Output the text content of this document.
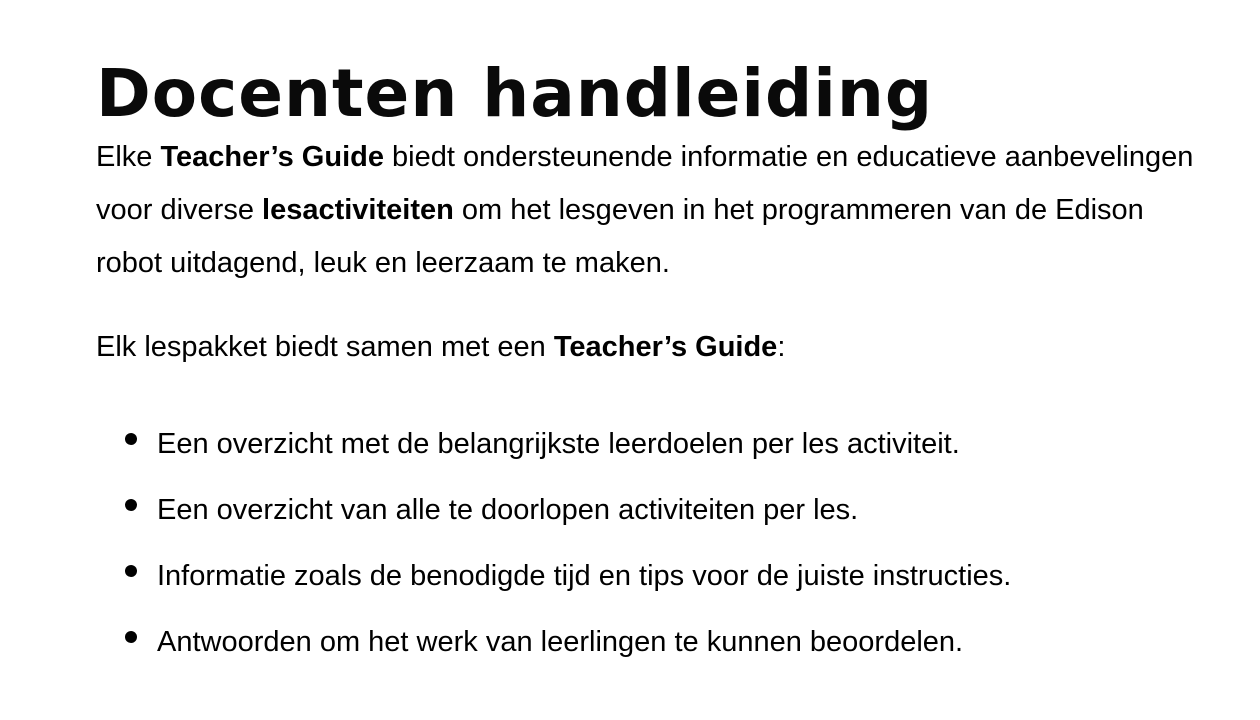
Docenten handleiding

Elke Teacher’s Guide biedt ondersteunende informatie en educatieve aanbevelingen voor diverse lesactiviteiten om het lesgeven in het programmeren van de Edison robot uitdagend, leuk en leerzaam te maken.

Elk lespakket biedt samen met een Teacher’s Guide:

Een overzicht met de belangrijkste leerdoelen per les activiteit.
Een overzicht van alle te doorlopen activiteiten per les.
Informatie zoals de benodigde tijd en tips voor de juiste instructies.
Antwoorden om het werk van leerlingen te kunnen beoordelen.
